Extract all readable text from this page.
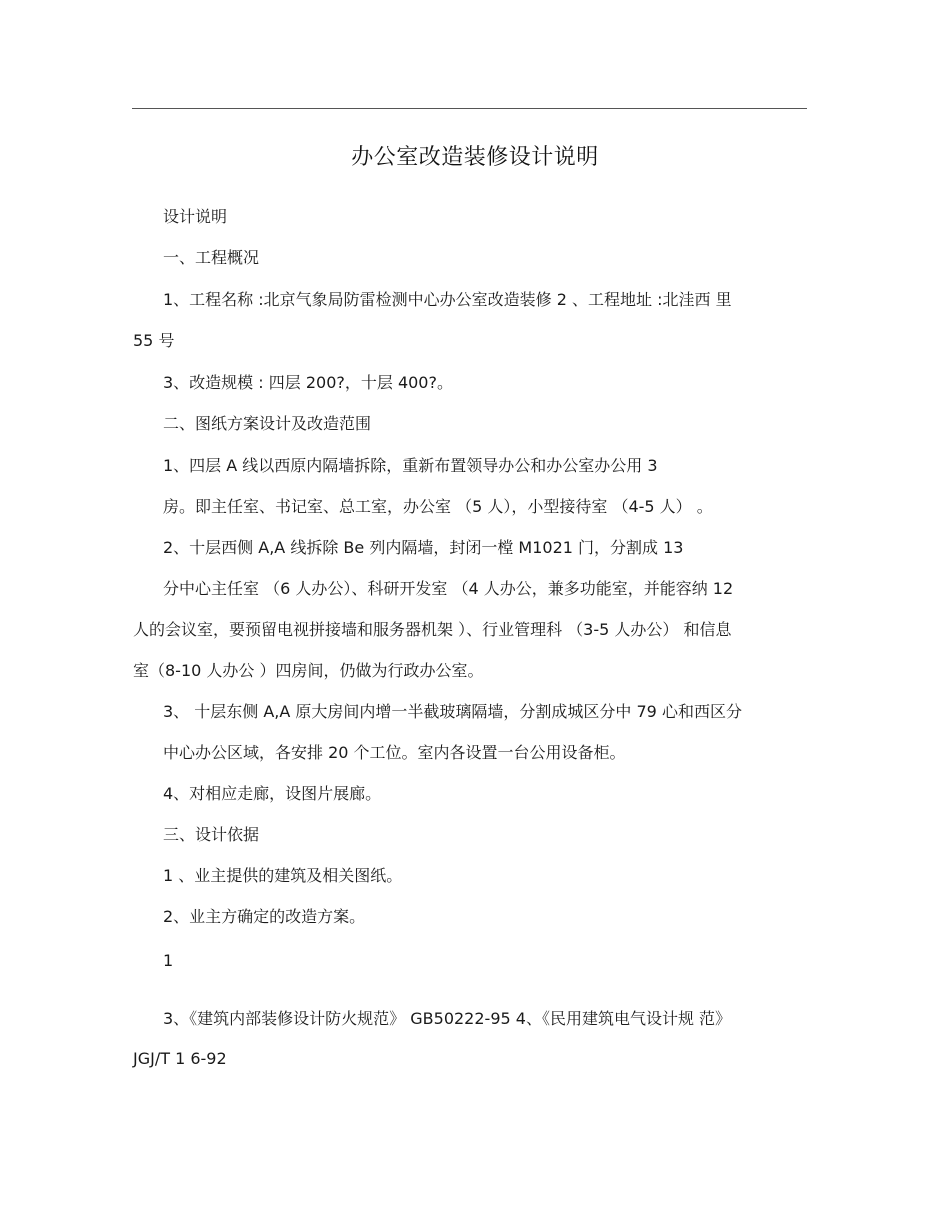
办公室改造装修设计说明
设计说明
一、工程概况
1、工程名称 :北京气象局防雷检测中心办公室改造装修 2 、工程地址 :北洼西 里
55 号
3、改造规模 : 四层 200?，十层 400?。
二、图纸方案设计及改造范围
1、四层 A 线以西原内隔墙拆除，重新布置领导办公和办公室办公用 3
房。即主任室、书记室、总工室，办公室 （5 人），小型接待室 （4-5 人） 。
2、十层西侧 A,A 线拆除 Be 列内隔墙，封闭一樘 M1021 门，分割成 13
分中心主任室 （6 人办公）、科研开发室 （4 人办公，兼多功能室，并能容纳 12
人的会议室，要预留电视拼接墙和服务器机架 ）、行业管理科 （3-5 人办公） 和信息
室（8-10 人办公 ）四房间，仍做为行政办公室。
3、 十层东侧 A,A 原大房间内增一半截玻璃隔墙，分割成城区分中 79 心和西区分
中心办公区域，各安排 20 个工位。室内各设置一台公用设备柜。
4、对相应走廊，设图片展廊。
三、设计依据
1 、业主提供的建筑及相关图纸。
2、业主方确定的改造方案。
1
3、《建筑内部装修设计防火规范》 GB50222-95 4、《民用建筑电气设计规 范》
JGJ/T 1 6-92
